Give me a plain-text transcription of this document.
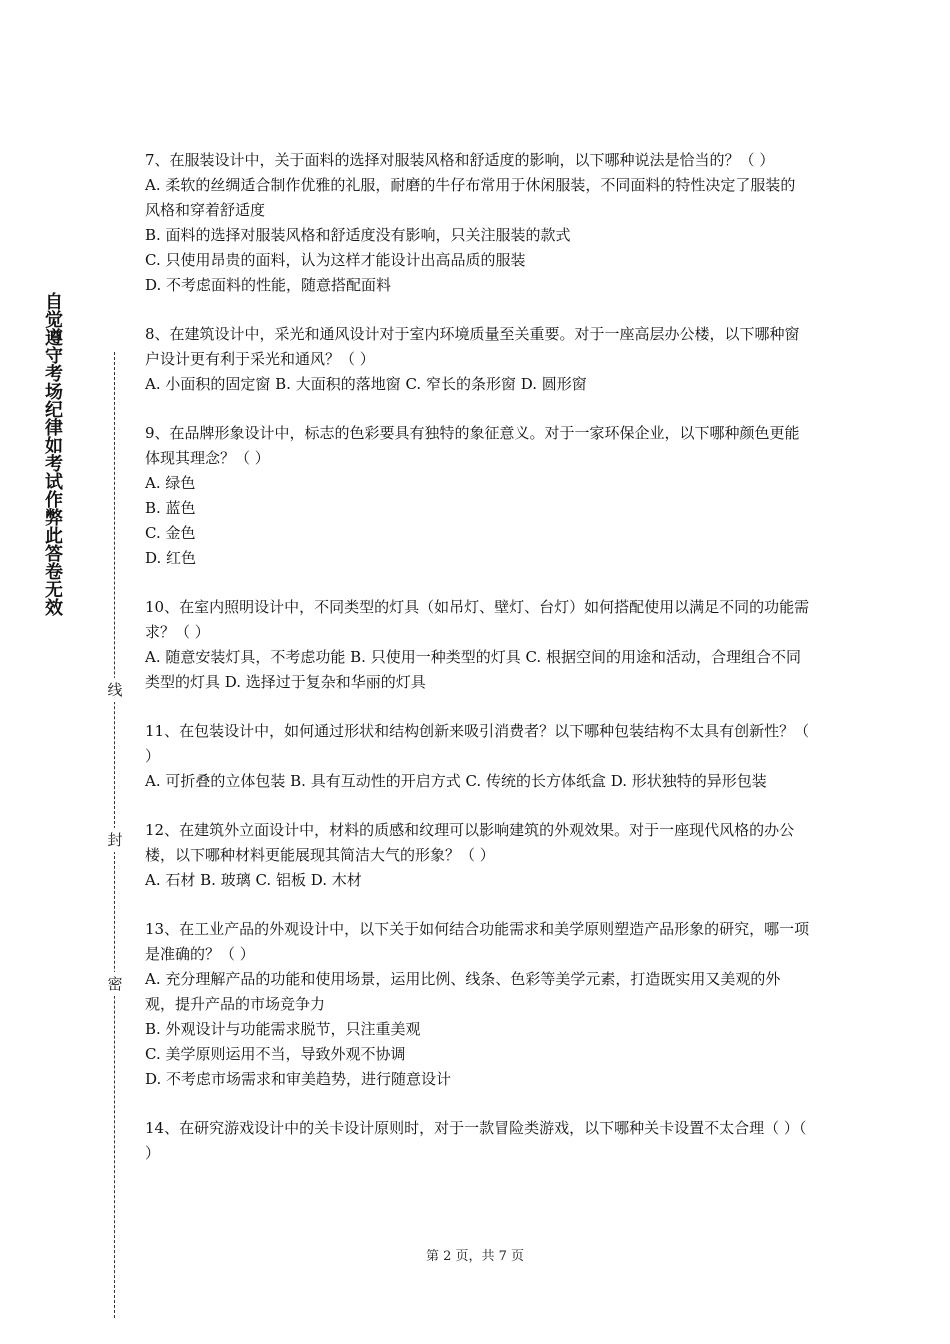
自觉遵守考场纪律如考试作弊此答卷无效
线
封
密
7、在服装设计中，关于面料的选择对服装风格和舒适度的影响，以下哪种说法是恰当的？（ ）
A. 柔软的丝绸适合制作优雅的礼服，耐磨的牛仔布常用于休闲服装，不同面料的特性决定了服装的风格和穿着舒适度
B. 面料的选择对服装风格和舒适度没有影响，只关注服装的款式
C. 只使用昂贵的面料，认为这样才能设计出高品质的服装
D. 不考虑面料的性能，随意搭配面料
8、在建筑设计中，采光和通风设计对于室内环境质量至关重要。对于一座高层办公楼，以下哪种窗户设计更有利于采光和通风？（ ）
A. 小面积的固定窗 B. 大面积的落地窗 C. 窄长的条形窗 D. 圆形窗
9、在品牌形象设计中，标志的色彩要具有独特的象征意义。对于一家环保企业，以下哪种颜色更能体现其理念？（ ）
A. 绿色
B. 蓝色
C. 金色
D. 红色
10、在室内照明设计中，不同类型的灯具（如吊灯、壁灯、台灯）如何搭配使用以满足不同的功能需求？（ ）
A. 随意安装灯具，不考虑功能 B. 只使用一种类型的灯具 C. 根据空间的用途和活动，合理组合不同类型的灯具 D. 选择过于复杂和华丽的灯具
11、在包装设计中，如何通过形状和结构创新来吸引消费者？以下哪种包装结构不太具有创新性？（ ）
A. 可折叠的立体包装 B. 具有互动性的开启方式 C. 传统的长方体纸盒 D. 形状独特的异形包装
12、在建筑外立面设计中，材料的质感和纹理可以影响建筑的外观效果。对于一座现代风格的办公楼，以下哪种材料更能展现其简洁大气的形象？（ ）
A. 石材 B. 玻璃 C. 铝板 D. 木材
13、在工业产品的外观设计中，以下关于如何结合功能需求和美学原则塑造产品形象的研究，哪一项是准确的？（ ）
A. 充分理解产品的功能和使用场景，运用比例、线条、色彩等美学元素，打造既实用又美观的外观，提升产品的市场竞争力
B. 外观设计与功能需求脱节，只注重美观
C. 美学原则运用不当，导致外观不协调
D. 不考虑市场需求和审美趋势，进行随意设计
14、在研究游戏设计中的关卡设计原则时，对于一款冒险类游戏，以下哪种关卡设置不太合理（ ）（ ）
第 2 页，共 7 页
